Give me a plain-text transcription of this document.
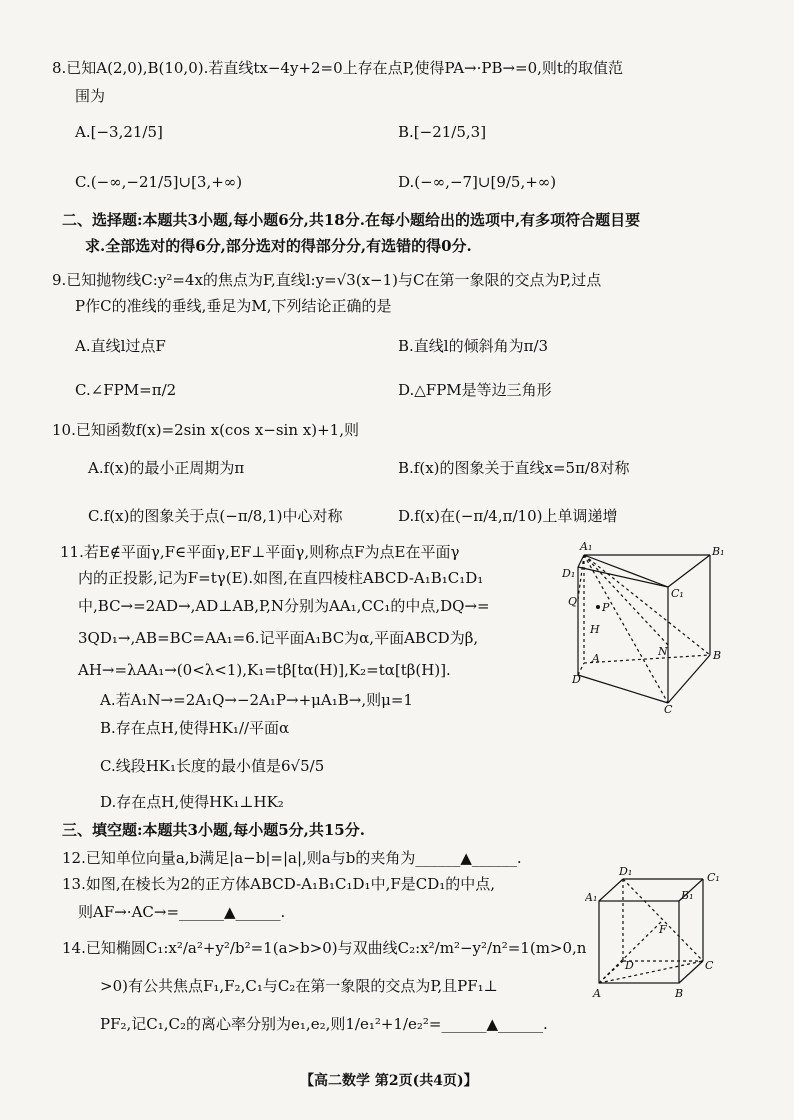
8.已知A(2,0),B(10,0).若直线tx−4y+2=0上存在点P,使得PA→·PB→=0,则t的取值范
围为
A.[−3,21/5]	B.[−21/5,3]
C.(−∞,−21/5]∪[3,+∞)	D.(−∞,−7]∪[9/5,+∞)
二、选择题:本题共3小题,每小题6分,共18分.在每小题给出的选项中,有多项符合题目要
求.全部选对的得6分,部分选对的得部分分,有选错的得0分.
9.已知抛物线C:y²=4x的焦点为F,直线l:y=√3(x−1)与C在第一象限的交点为P,过点
P作C的准线的垂线,垂足为M,下列结论正确的是
A.直线l过点F	B.直线l的倾斜角为π/3
C.∠FPM=π/2	D.△FPM是等边三角形
10.已知函数f(x)=2sin x(cos x−sin x)+1,则
A.f(x)的最小正周期为π	B.f(x)的图象关于直线x=5π/8对称
C.f(x)的图象关于点(−π/8,1)中心对称	D.f(x)在(−π/4,π/10)上单调递增
11.若E∉平面γ,F∈平面γ,EF⊥平面γ,则称点F为点E在平面γ
内的正投影,记为F=tγ(E).如图,在直四棱柱ABCD-A₁B₁C₁D₁
中,BC→=2AD→,AD⊥AB,P,N分别为AA₁,CC₁的中点,DQ→=
3QD₁→,AB=BC=AA₁=6.记平面A₁BC为α,平面ABCD为β,
AH→=λAA₁→(0<λ<1),K₁=tβ[tα(H)],K₂=tα[tβ(H)].
A.若A₁N→=2A₁Q→−2A₁P→+μA₁B→,则μ=1
B.存在点H,使得HK₁//平面α
C.线段HK₁长度的最小值是6√5/5
D.存在点H,使得HK₁⊥HK₂
A₁	B₁
D₁
C₁
Q P
H
A
N	B
D
C
三、填空题:本题共3小题,每小题5分,共15分.
12.已知单位向量a,b满足|a−b|=|a|,则a与b的夹角为______▲______.
13.如图,在棱长为2的正方体ABCD-A₁B₁C₁D₁中,F是CD₁的中点,
则AF→·AC→=______▲______.
D₁	C₁
A₁	B₁
F
D	C
A	B
14.已知椭圆C₁:x²/a²+y²/b²=1(a>b>0)与双曲线C₂:x²/m²−y²/n²=1(m>0,n
>0)有公共焦点F₁,F₂,C₁与C₂在第一象限的交点为P,且PF₁⊥
PF₂,记C₁,C₂的离心率分别为e₁,e₂,则1/e₁²+1/e₂²=______▲______.
【高二数学 第2页(共4页)】
